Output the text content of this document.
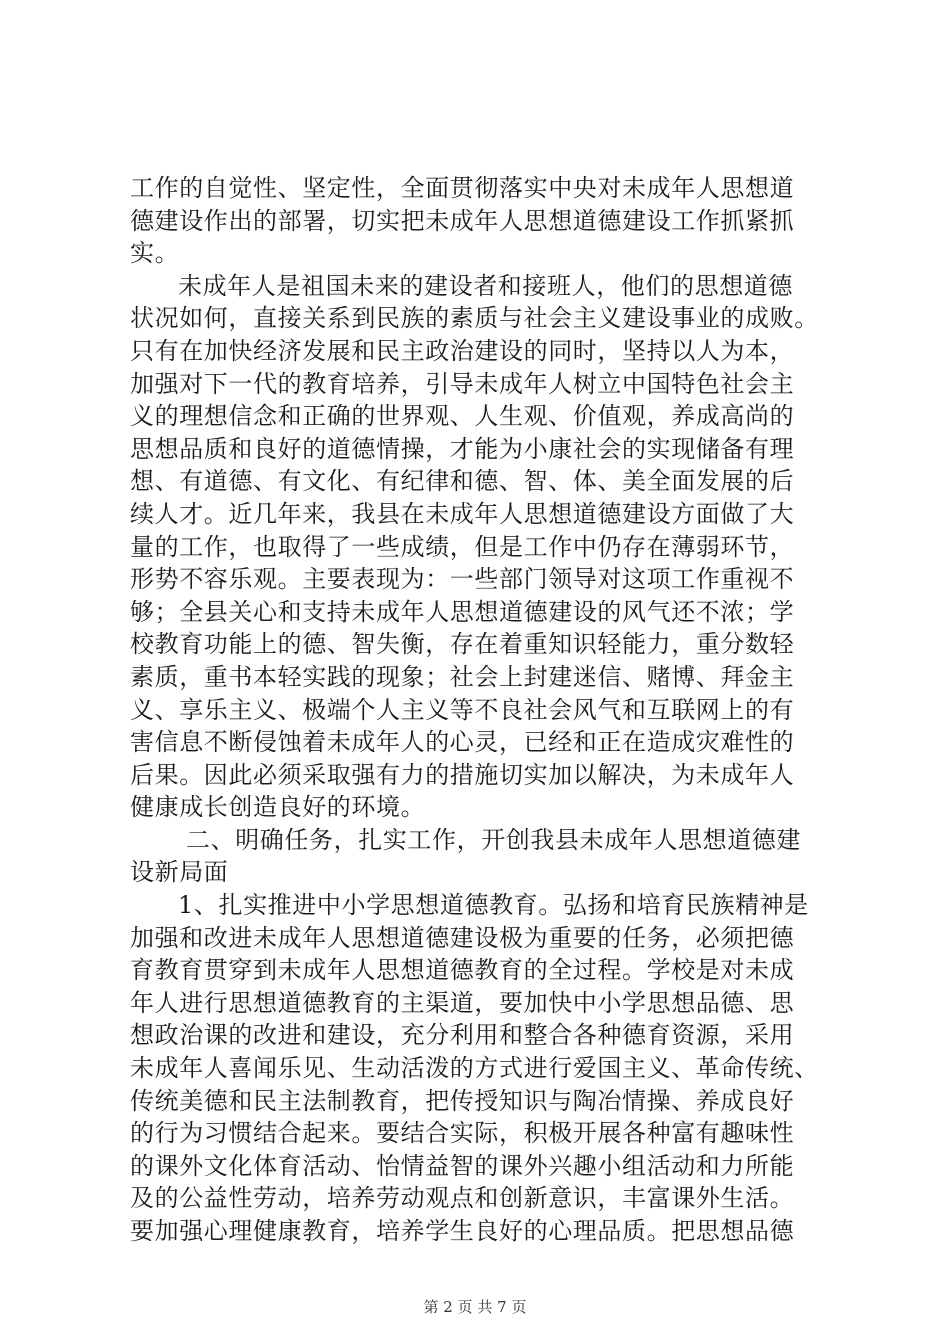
工作的自觉性、坚定性，全面贯彻落实中央对未成年人思想道
德建设作出的部署，切实把未成年人思想道德建设工作抓紧抓
实。
未成年人是祖国未来的建设者和接班人，他们的思想道德
状况如何，直接关系到民族的素质与社会主义建设事业的成败。
只有在加快经济发展和民主政治建设的同时，坚持以人为本，
加强对下一代的教育培养，引导未成年人树立中国特色社会主
义的理想信念和正确的世界观、人生观、价值观，养成高尚的
思想品质和良好的道德情操，才能为小康社会的实现储备有理
想、有道德、有文化、有纪律和德、智、体、美全面发展的后
续人才。近几年来，我县在未成年人思想道德建设方面做了大
量的工作，也取得了一些成绩，但是工作中仍存在薄弱环节，
形势不容乐观。主要表现为：一些部门领导对这项工作重视不
够；全县关心和支持未成年人思想道德建设的风气还不浓；学
校教育功能上的德、智失衡，存在着重知识轻能力，重分数轻
素质，重书本轻实践的现象；社会上封建迷信、赌博、拜金主
义、享乐主义、极端个人主义等不良社会风气和互联网上的有
害信息不断侵蚀着未成年人的心灵，已经和正在造成灾难性的
后果。因此必须采取强有力的措施切实加以解决，为未成年人
健康成长创造良好的环境。
二、明确任务，扎实工作，开创我县未成年人思想道德建
设新局面
1、扎实推进中小学思想道德教育。弘扬和培育民族精神是
加强和改进未成年人思想道德建设极为重要的任务，必须把德
育教育贯穿到未成年人思想道德教育的全过程。学校是对未成
年人进行思想道德教育的主渠道，要加快中小学思想品德、思
想政治课的改进和建设，充分利用和整合各种德育资源，采用
未成年人喜闻乐见、生动活泼的方式进行爱国主义、革命传统、
传统美德和民主法制教育，把传授知识与陶冶情操、养成良好
的行为习惯结合起来。要结合实际，积极开展各种富有趣味性
的课外文化体育活动、怡情益智的课外兴趣小组活动和力所能
及的公益性劳动，培养劳动观点和创新意识，丰富课外生活。
要加强心理健康教育，培养学生良好的心理品质。把思想品德
第 2 页 共 7 页
